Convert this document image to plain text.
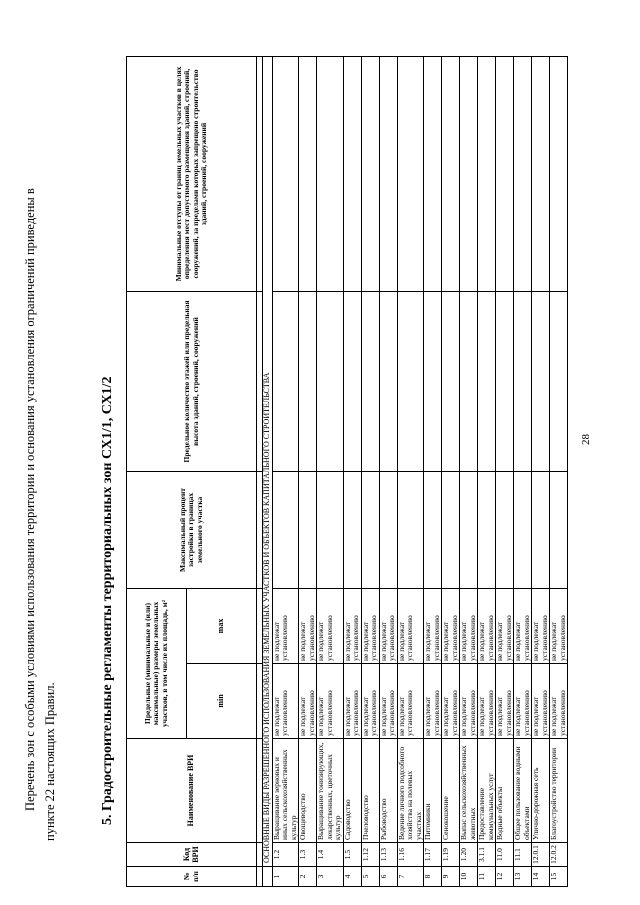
28
Перечень зон с особыми условиями использования территории и основания установления ограничений приведены в пункте 22 настоящих Правил.	5. Градостроительные регламенты территориальных зон СХ1/1, СХ1/2
№ п/п	Код ВРИ	Наименование ВРИ	Предельные (минимальные и (или) максимальные) размеры земельных участков, в том числе их площадь, м²		Максимальный процент застройки в границах земельного участка	Предельное количество этажей или предельная высота зданий, строений, сооружений	Минимальные отступы от границ земельных участков в целях определения мест допустимого размещения зданий, строений, сооружений, за пределами которых запрещено строительство зданий, строений, сооружений
			min	max			

	ОСНОВНЫЕ ВИДЫ РАЗРЕШЕННОГО ИСПОЛЬЗОВАНИЯ ЗЕМЕЛЬНЫХ УЧАСТКОВ И ОБЪЕКТОВ КАПИТАЛЬНОГО СТРОИТЕЛЬСТВА						
1	1.2	Выращивание зерновых и иных сельскохозяйственных культур	не подлежат установлению	не подлежат установлению			
2	1.3	Овощеводство	не подлежат установлению	не подлежат установлению			
3	1.4	Выращивание тонизирующих, лекарственных, цветочных культур	не подлежат установлению	не подлежат установлению			
4	1.5	Садоводство	не подлежат установлению	не подлежат установлению			
5	1.12	Пчеловодство	не подлежат установлению	не подлежат установлению			
6	1.13	Рыбоводство	не подлежат установлению	не подлежат установлению			
7	1.16	Ведение личного подсобного хозяйства на полевых участках	не подлежат установлению	не подлежат установлению			
8	1.17	Питомники	не подлежат установлению	не подлежат установлению			
9	1.19	Сенокошение	не подлежат установлению	не подлежат установлению			
10	1.20	Выпас сельскохозяйственных животных	не подлежат установлению	не подлежат установлению			
11	3.1.1	Предоставление коммунальных услуг	не подлежат установлению	не подлежат установлению			
12	11.0	Водные объекты	не подлежат установлению	не подлежат установлению			
13	11.1	Общее пользование водными объектами	не подлежат установлению	не подлежат установлению			
14	12.0.1	Улично-дорожная сеть	не подлежат установлению	не подлежат установлению			
15	12.0.2	Благоустройство территории	не подлежат установлению	не подлежат установлению			
